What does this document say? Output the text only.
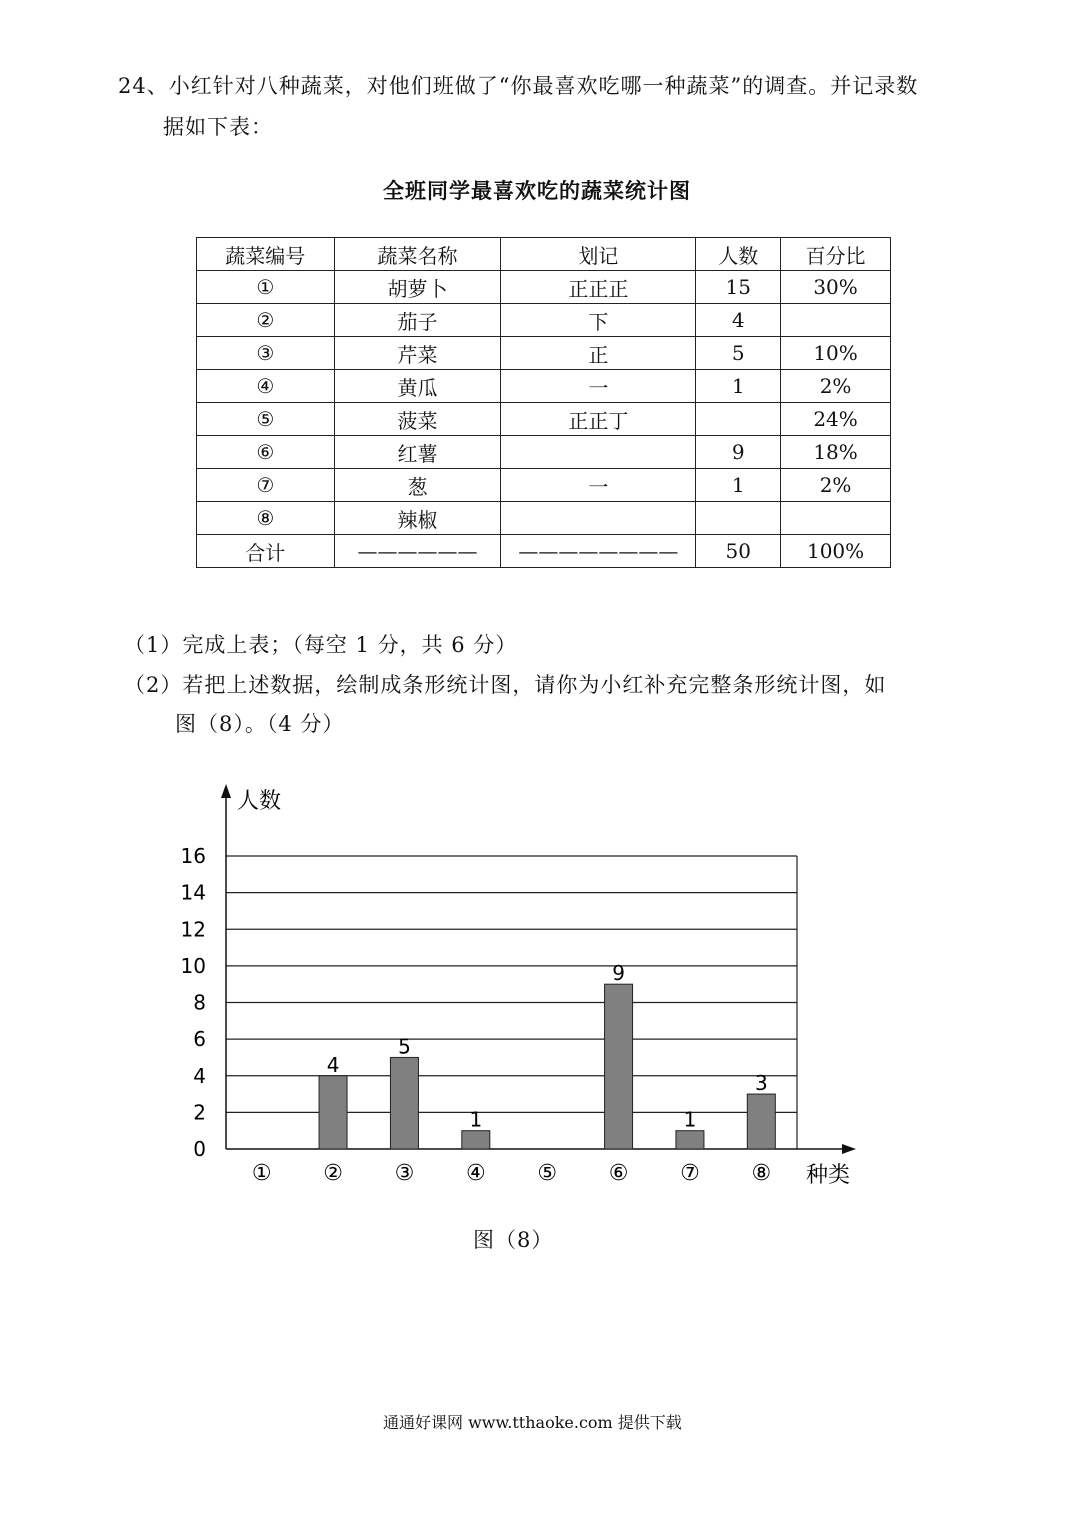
24、小红针对八种蔬菜，对他们班做了“你最喜欢吃哪一种蔬菜”的调查。并记录数
据如下表：
全班同学最喜欢吃的蔬菜统计图
蔬菜编号	蔬菜名称	划记	人数	百分比
①	胡萝卜	正正正	15	30%
②	茄子	下	4	
③	芹菜	正	5	10%
④	黄瓜	一	1	2%
⑤	菠菜	正正丁		24%
⑥	红薯		9	18%
⑦	葱	一	1	2%
⑧	辣椒			
合计	——————	————————	50	100%
（1）完成上表；（每空 1 分，共 6 分）
（2）若把上述数据，绘制成条形统计图，请你为小红补充完整条形统计图，如
图（8）。（4 分）
0
2
4
6
8
10
12
14
16
4
5
1
9
1
3
① ② ③ ④ ⑤ ⑥ ⑦ ⑧
人数
种类
图（8）
通通好课网 www.tthaoke.com 提供下载
